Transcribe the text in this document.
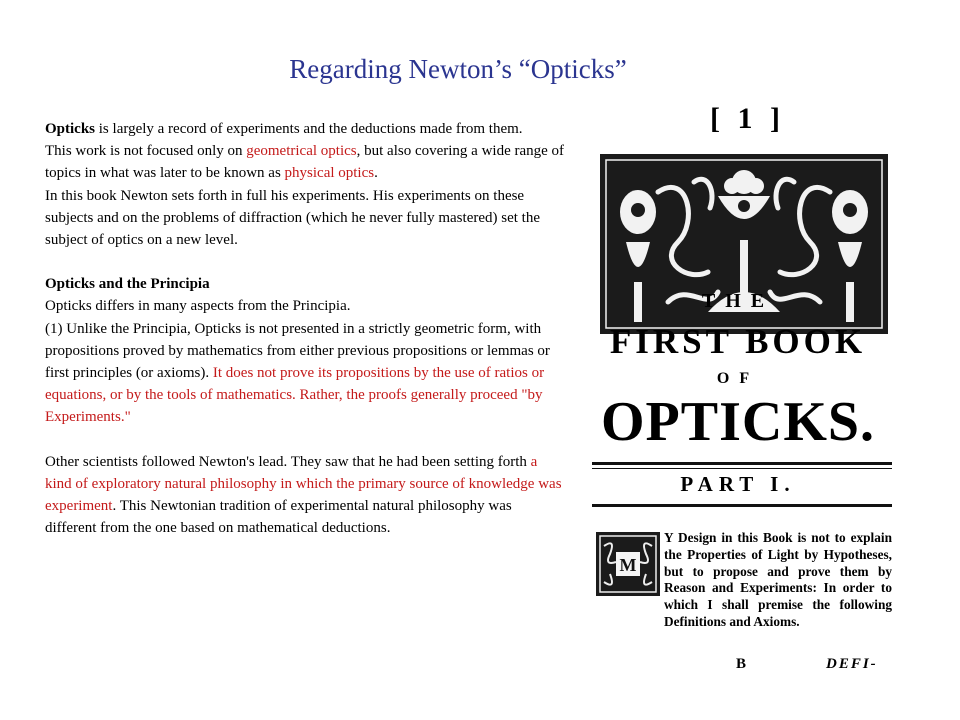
Regarding Newton’s “Opticks”

Opticks is largely a record of experiments and the deductions made from them.

This work is not focused only on geometrical optics, but also covering a wide range of topics in what was later to be known as physical optics.

In this book Newton sets forth in full his experiments. His experiments on these subjects and on the problems of diffraction (which he never fully mastered) set the subject of optics on a new level.

Opticks and the Principia

Opticks differs in many aspects from the Principia.

(1) Unlike the Principia, Opticks is not presented in a strictly geometric form, with propositions proved by mathematics from either previous propositions or lemmas or first principles (or axioms). It does not prove its propositions by the use of ratios or equations, or by the tools of mathematics. Rather, the proofs generally proceed "by Experiments."

Other scientists followed Newton's lead. They saw that he had been setting forth a kind of exploratory natural philosophy in which the primary source of knowledge was experiment. This Newtonian tradition of experimental natural philosophy was different from the one based on mathematical deductions.

[ 1 ]
THE
FIRST BOOK
OF
OPTICKS.
PART I.
M
Y Design in this Book is not to explain the Properties of Light by Hypotheses, but to propose and prove them by Reason and Experiments: In order to which I shall premise the following Definitions and Axioms.
B	DEFI-
